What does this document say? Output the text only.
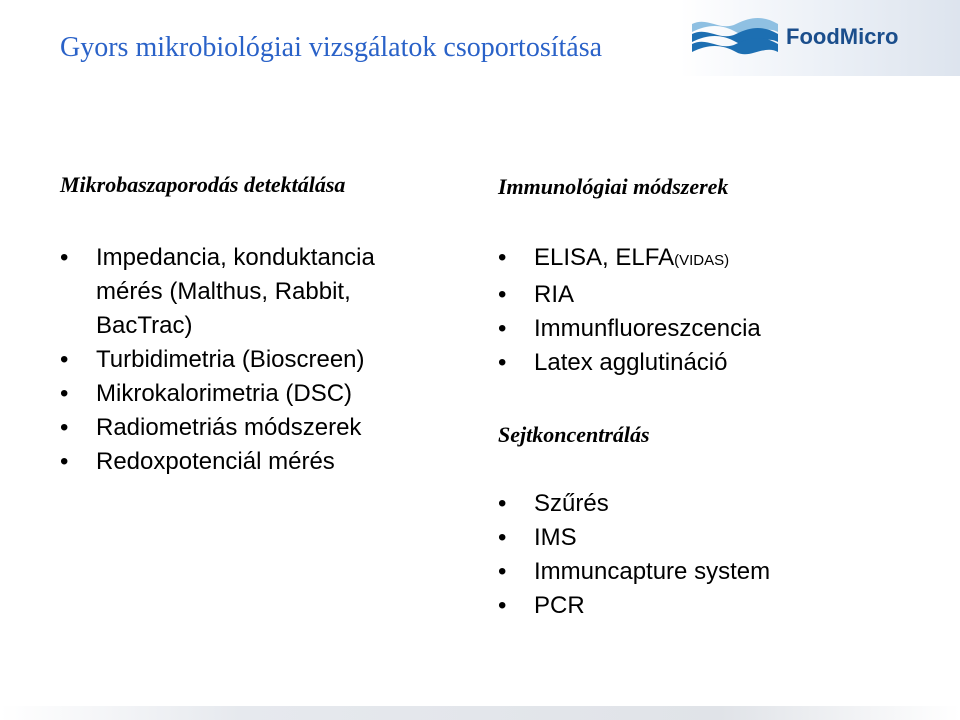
Gyors mikrobiológiai vizsgálatok csoportosítása	FoodMicro
Mikrobaszaporodás detektálása
• Impedancia, konduktancia
mérés (Malthus, Rabbit,
BacTrac)
• Turbidimetria (Bioscreen)
• Mikrokalorimetria (DSC)
• Radiometriás módszerek
• Redoxpotenciál mérés
Immunológiai módszerek
• ELISA, ELFA(VIDAS)
• RIA
• Immunfluoreszcencia
• Latex agglutináció
Sejtkoncentrálás
• Szűrés
• IMS
• Immuncapture system
• PCR
